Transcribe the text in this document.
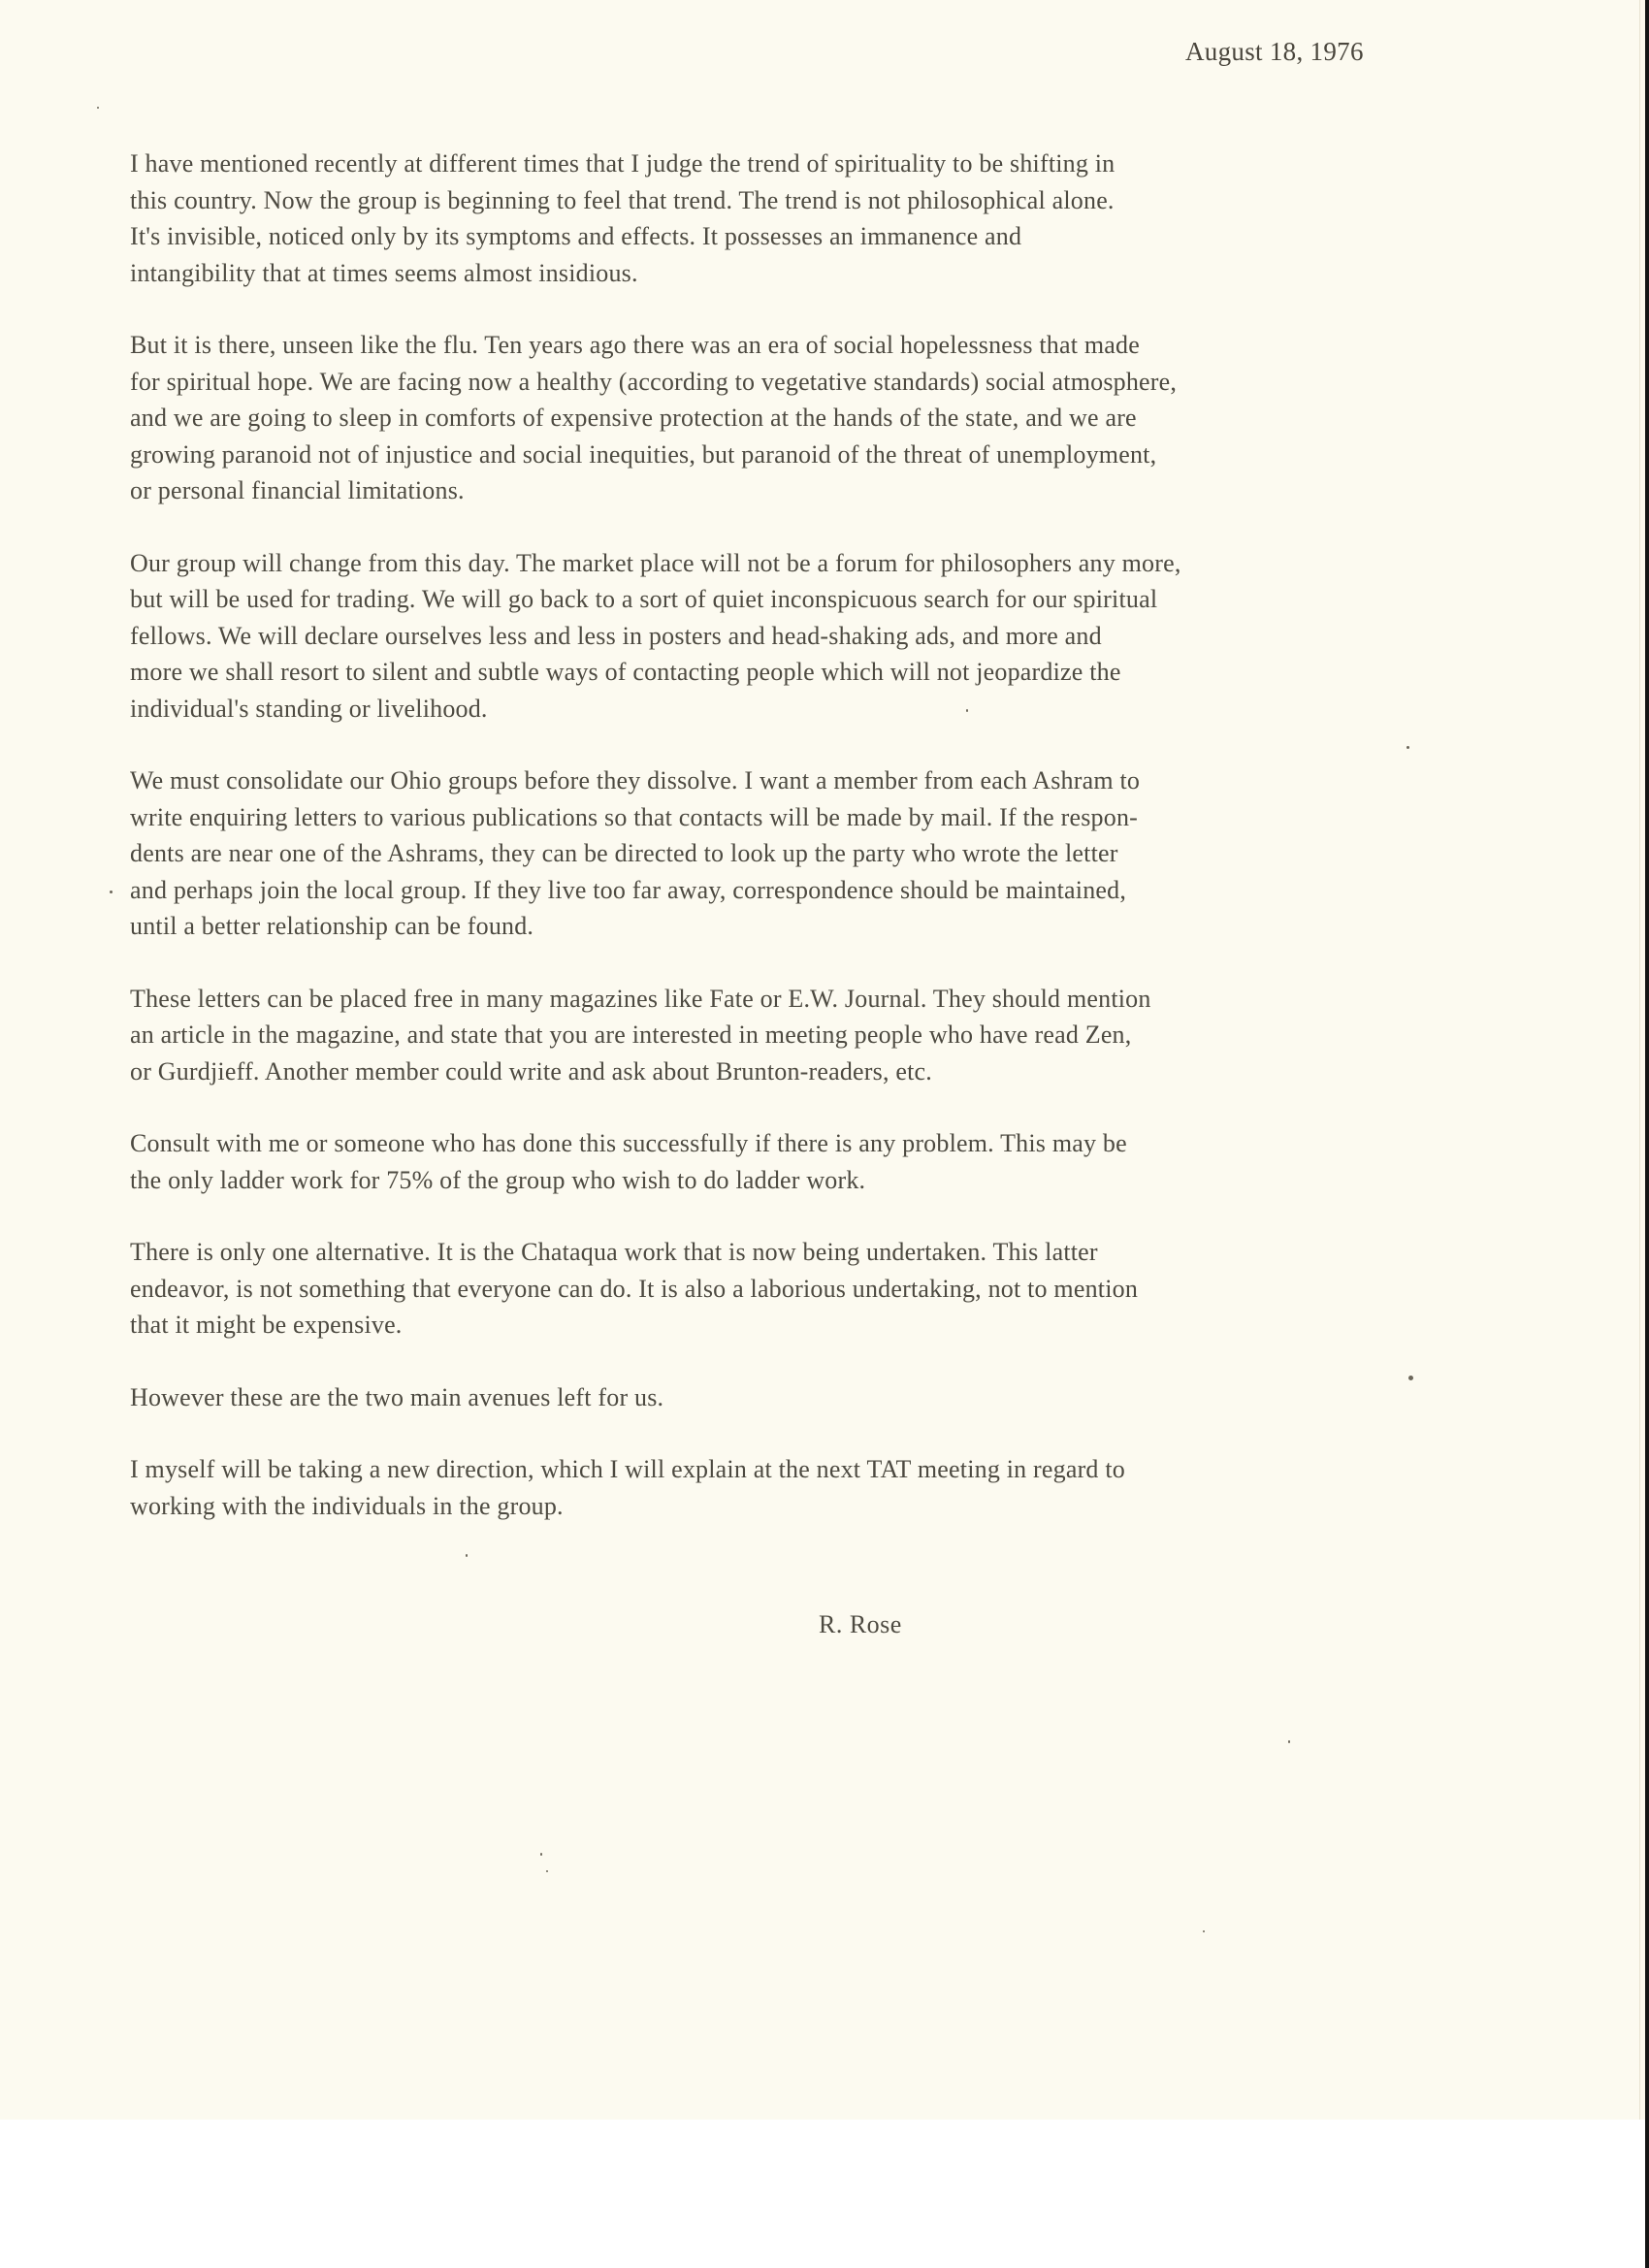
August 18, 1976

I have mentioned recently at different times that I judge the trend of spirituality to be shifting in
this country. Now the group is beginning to feel that trend. The trend is not philosophical alone.
It's invisible, noticed only by its symptoms and effects. It possesses an immanence and
intangibility that at times seems almost insidious.

But it is there, unseen like the flu. Ten years ago there was an era of social hopelessness that made
for spiritual hope. We are facing now a healthy (according to vegetative standards) social atmosphere,
and we are going to sleep in comforts of expensive protection at the hands of the state, and we are
growing paranoid not of injustice and social inequities, but paranoid of the threat of unemployment,
or personal financial limitations.

Our group will change from this day. The market place will not be a forum for philosophers any more,
but will be used for trading. We will go back to a sort of quiet inconspicuous search for our spiritual
fellows. We will declare ourselves less and less in posters and head-shaking ads, and more and
more we shall resort to silent and subtle ways of contacting people which will not jeopardize the
individual's standing or livelihood.

We must consolidate our Ohio groups before they dissolve. I want a member from each Ashram to
write enquiring letters to various publications so that contacts will be made by mail. If the respon-
dents are near one of the Ashrams, they can be directed to look up the party who wrote the letter
and perhaps join the local group. If they live too far away, correspondence should be maintained,
until a better relationship can be found.

These letters can be placed free in many magazines like Fate or E.W. Journal. They should mention
an article in the magazine, and state that you are interested in meeting people who have read Zen,
or Gurdjieff. Another member could write and ask about Brunton-readers, etc.

Consult with me or someone who has done this successfully if there is any problem. This may be
the only ladder work for 75% of the group who wish to do ladder work.

There is only one alternative. It is the Chataqua work that is now being undertaken. This latter
endeavor, is not something that everyone can do. It is also a laborious undertaking, not to mention
that it might be expensive.

However these are the two main avenues left for us.

I myself will be taking a new direction, which I will explain at the next TAT meeting in regard to
working with the individuals in the group.

R. Rose
